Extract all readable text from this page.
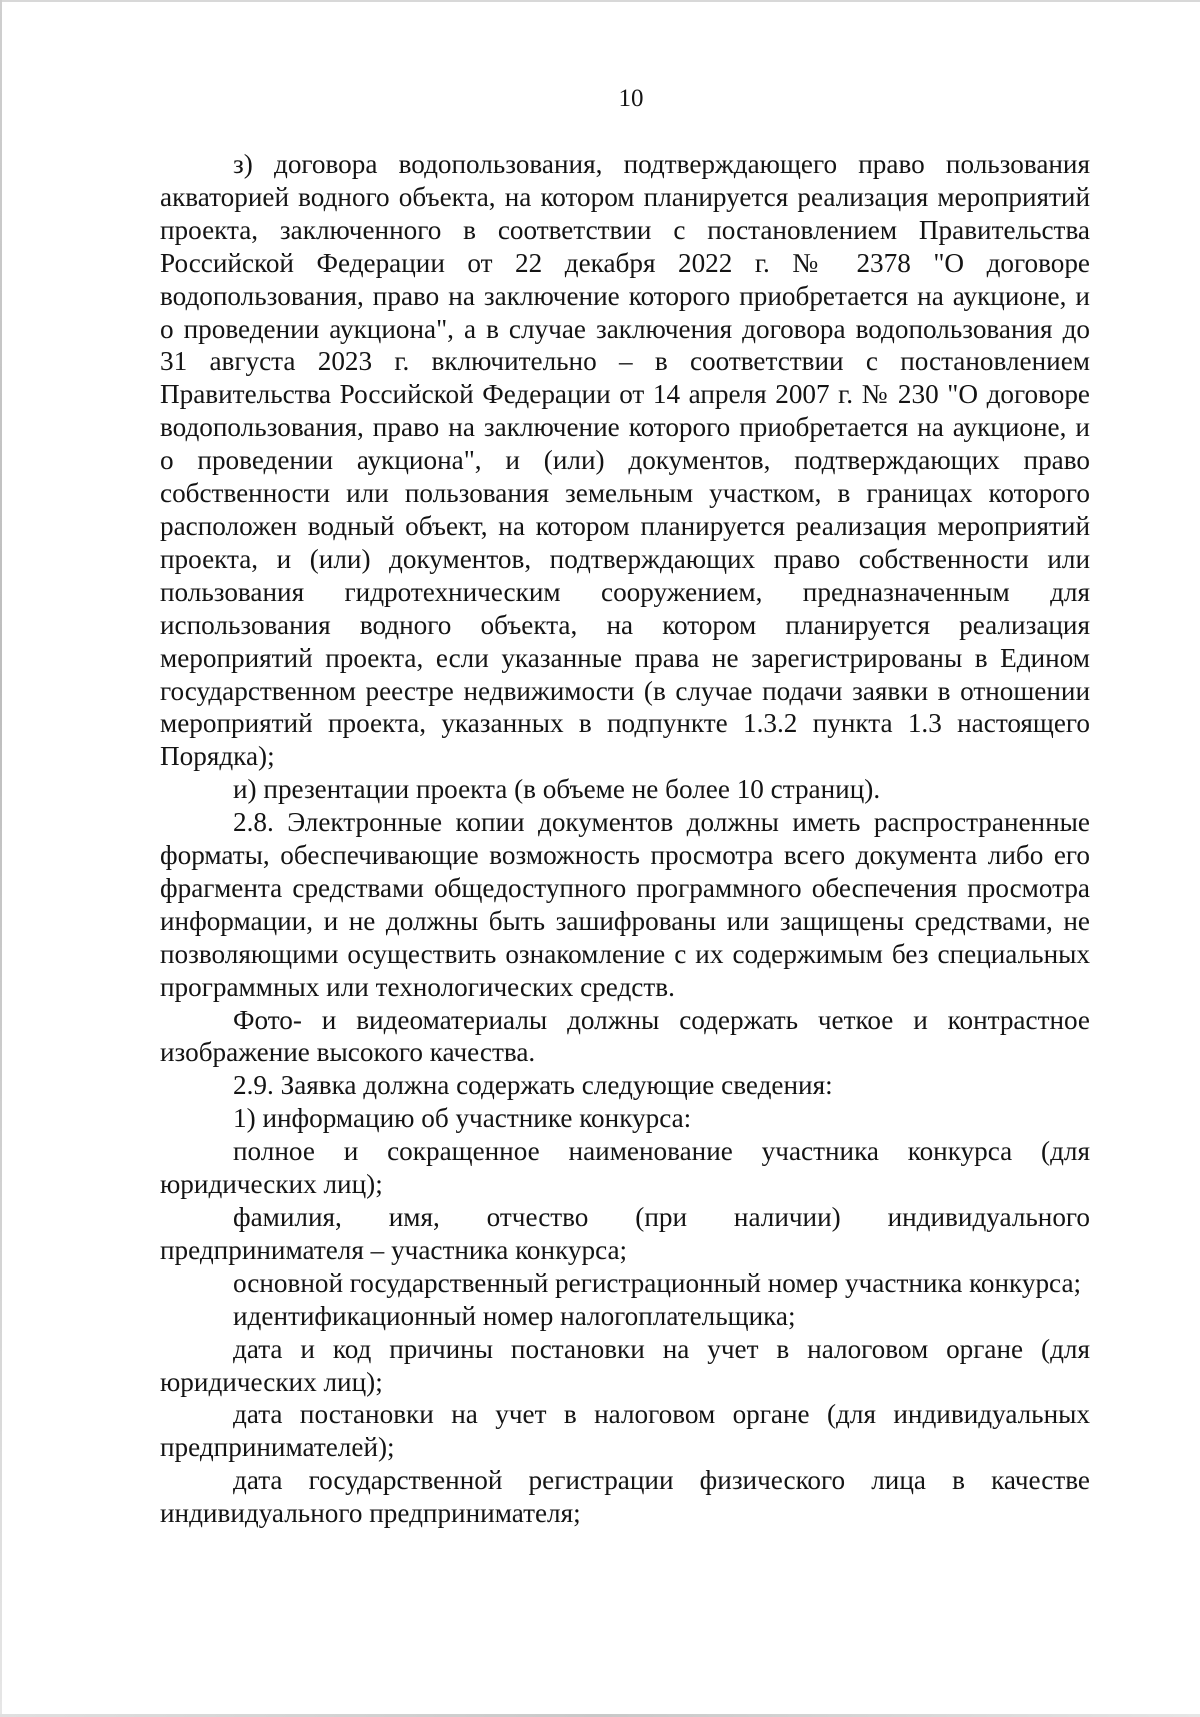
10

з) договора водопользования, подтверждающего право пользования акваторией водного объекта, на котором планируется реализация мероприятий проекта, заключенного в соответствии с постановлением Правительства Российской Федерации от 22 декабря 2022 г. № 2378 "О договоре водопользования, право на заключение которого приобретается на аукционе, и о проведении аукциона", а в случае заключения договора водопользования до 31 августа 2023 г. включительно – в соответствии с постановлением Правительства Российской Федерации от 14 апреля 2007 г. № 230 "О договоре водопользования, право на заключение которого приобретается на аукционе, и о проведении аукциона", и (или) документов, подтверждающих право собственности или пользования земельным участком, в границах которого расположен водный объект, на котором планируется реализация мероприятий проекта, и (или) документов, подтверждающих право собственности или пользования гидротехническим сооружением, предназначенным для использования водного объекта, на котором планируется реализация мероприятий проекта, если указанные права не зарегистрированы в Едином государственном реестре недвижимости (в случае подачи заявки в отношении мероприятий проекта, указанных в подпункте 1.3.2 пункта 1.3 настоящего Порядка);

и) презентации проекта (в объеме не более 10 страниц).

2.8. Электронные копии документов должны иметь распространенные форматы, обеспечивающие возможность просмотра всего документа либо его фрагмента средствами общедоступного программного обеспечения просмотра информации, и не должны быть зашифрованы или защищены средствами, не позволяющими осуществить ознакомление с их содержимым без специальных программных или технологических средств.

Фото- и видеоматериалы должны содержать четкое и контрастное изображение высокого качества.

2.9. Заявка должна содержать следующие сведения:

1) информацию об участнике конкурса:

полное и сокращенное наименование участника конкурса (для юридических лиц);

фамилия, имя, отчество (при наличии) индивидуального предпринимателя – участника конкурса;

основной государственный регистрационный номер участника конкурса;

идентификационный номер налогоплательщика;

дата и код причины постановки на учет в налоговом органе (для юридических лиц);

дата постановки на учет в налоговом органе (для индивидуальных предпринимателей);

дата государственной регистрации физического лица в качестве индивидуального предпринимателя;
